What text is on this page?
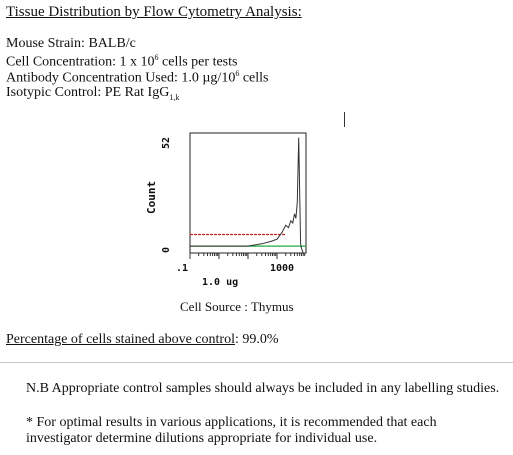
Tissue Distribution by Flow Cytometry Analysis:
Mouse Strain: BALB/c
Cell Concentration: 1 x $10^6$ cells per tests
Antibody Concentration Used: 1.0 $\mu g/10^6$ cells
Isotypic Control: PE Rat IgG$_{1,k}$
Count
52
0
.1	1000
1.0 ug
Cell Source : Thymus
Percentage of cells stained above control: 99.0%
N.B Appropriate control samples should always be included in any labelling studies.
* For optimal results in various applications, it is recommended that each investigator determine dilutions appropriate for individual use.
